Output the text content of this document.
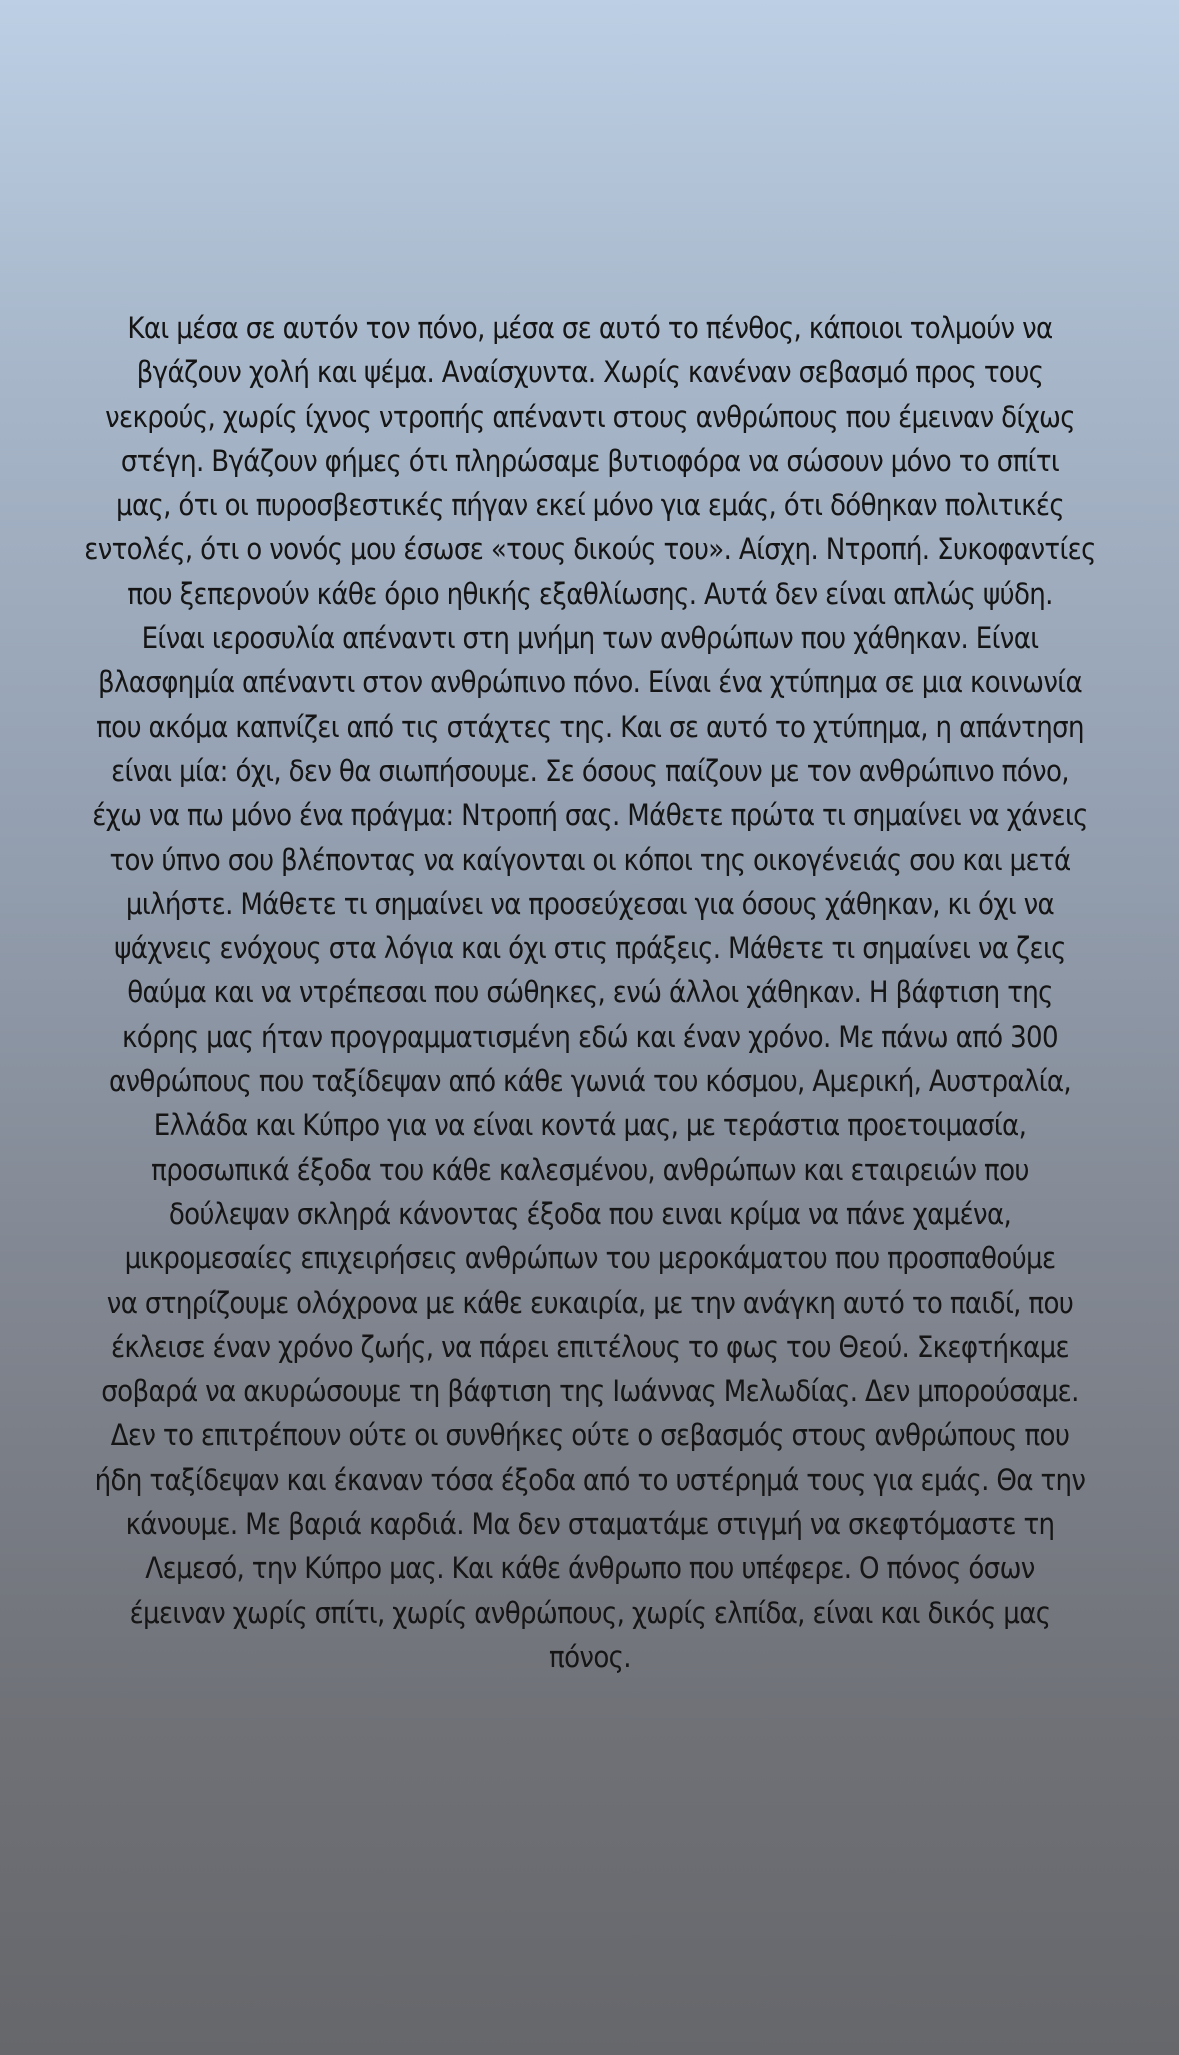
Και μέσα σε αυτόν τον πόνο, μέσα σε αυτό το πένθος, κάποιοι τολμούν να
βγάζουν χολή και ψέμα. Αναίσχυντα. Χωρίς κανέναν σεβασμό προς τους
νεκρούς, χωρίς ίχνος ντροπής απέναντι στους ανθρώπους που έμειναν δίχως
στέγη. Βγάζουν φήμες ότι πληρώσαμε βυτιοφόρα να σώσουν μόνο το σπίτι
μας, ότι οι πυροσβεστικές πήγαν εκεί μόνο για εμάς, ότι δόθηκαν πολιτικές
εντολές, ότι ο νονός μου έσωσε «τους δικούς του». Αίσχη. Ντροπή. Συκοφαντίες
που ξεπερνούν κάθε όριο ηθικής εξαθλίωσης. Αυτά δεν είναι απλώς ψύδη.
Είναι ιεροσυλία απέναντι στη μνήμη των ανθρώπων που χάθηκαν. Είναι
βλασφημία απέναντι στον ανθρώπινο πόνο. Είναι ένα χτύπημα σε μια κοινωνία
που ακόμα καπνίζει από τις στάχτες της. Και σε αυτό το χτύπημα, η απάντηση
είναι μία: όχι, δεν θα σιωπήσουμε. Σε όσους παίζουν με τον ανθρώπινο πόνο,
έχω να πω μόνο ένα πράγμα: Ντροπή σας. Μάθετε πρώτα τι σημαίνει να χάνεις
τον ύπνο σου βλέποντας να καίγονται οι κόποι της οικογένειάς σου και μετά
μιλήστε. Μάθετε τι σημαίνει να προσεύχεσαι για όσους χάθηκαν, κι όχι να
ψάχνεις ενόχους στα λόγια και όχι στις πράξεις. Μάθετε τι σημαίνει να ζεις
θαύμα και να ντρέπεσαι που σώθηκες, ενώ άλλοι χάθηκαν. Η βάφτιση της
κόρης μας ήταν προγραμματισμένη εδώ και έναν χρόνο. Με πάνω από 300
ανθρώπους που ταξίδεψαν από κάθε γωνιά του κόσμου, Αμερική, Αυστραλία,
Ελλάδα και Κύπρο για να είναι κοντά μας, με τεράστια προετοιμασία,
προσωπικά έξοδα του κάθε καλεσμένου, ανθρώπων και εταιρειών που
δούλεψαν σκληρά κάνοντας έξοδα που ειναι κρίμα να πάνε χαμένα,
μικρομεσαίες επιχειρήσεις ανθρώπων του μεροκάματου που προσπαθούμε
να στηρίζουμε ολόχρονα με κάθε ευκαιρία, με την ανάγκη αυτό το παιδί, που
έκλεισε έναν χρόνο ζωής, να πάρει επιτέλους το φως του Θεού. Σκεφτήκαμε
σοβαρά να ακυρώσουμε τη βάφτιση της Ιωάννας Μελωδίας. Δεν μπορούσαμε.
Δεν το επιτρέπουν ούτε οι συνθήκες ούτε ο σεβασμός στους ανθρώπους που
ήδη ταξίδεψαν και έκαναν τόσα έξοδα από το υστέρημά τους για εμάς. Θα την
κάνουμε. Με βαριά καρδιά. Μα δεν σταματάμε στιγμή να σκεφτόμαστε τη
Λεμεσό, την Κύπρο μας. Και κάθε άνθρωπο που υπέφερε. Ο πόνος όσων
έμειναν χωρίς σπίτι, χωρίς ανθρώπους, χωρίς ελπίδα, είναι και δικός μας
πόνος.
